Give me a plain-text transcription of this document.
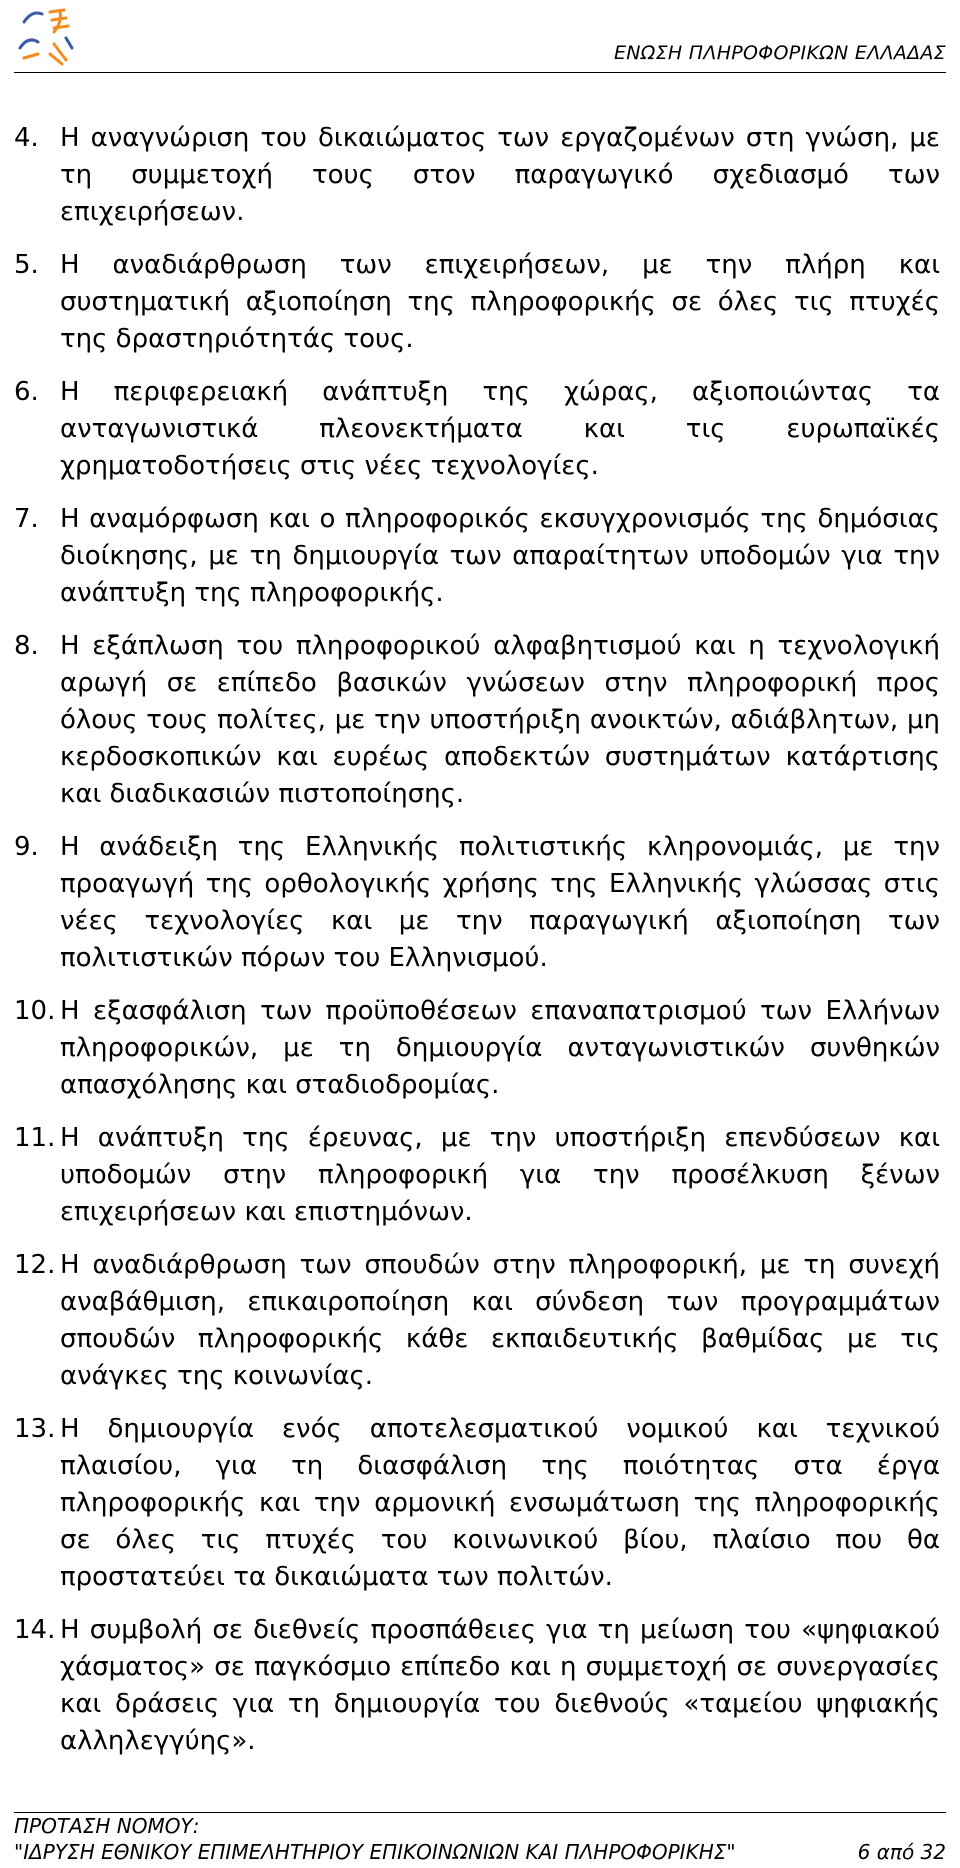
ΕΝΩΣΗ ΠΛΗΡΟΦΟΡΙΚΩΝ ΕΛΛΑΔΑΣ
4. Η αναγνώριση του δικαιώματος των εργαζομένων στη γνώση, με τη συμμετοχή τους στον παραγωγικό σχεδιασμό των επιχειρήσεων.
5. Η αναδιάρθρωση των επιχειρήσεων, με την πλήρη και συστηματική αξιοποίηση της πληροφορικής σε όλες τις πτυχές της δραστηριότητάς τους.
6. Η περιφερειακή ανάπτυξη της χώρας, αξιοποιώντας τα ανταγωνιστικά πλεονεκτήματα και τις ευρωπαϊκές χρηματοδοτήσεις στις νέες τεχνολογίες.
7. Η αναμόρφωση και ο πληροφορικός εκσυγχρονισμός της δημόσιας διοίκησης, με τη δημιουργία των απαραίτητων υποδομών για την ανάπτυξη της πληροφορικής.
8. Η εξάπλωση του πληροφορικού αλφαβητισμού και η τεχνολογική αρωγή σε επίπεδο βασικών γνώσεων στην πληροφορική προς όλους τους πολίτες, με την υποστήριξη ανοικτών, αδιάβλητων, μη κερδοσκοπικών και ευρέως αποδεκτών συστημάτων κατάρτισης και διαδικασιών πιστοποίησης.
9. Η ανάδειξη της Ελληνικής πολιτιστικής κληρονομιάς, με την προαγωγή της ορθολογικής χρήσης της Ελληνικής γλώσσας στις νέες τεχνολογίες και με την παραγωγική αξιοποίηση των πολιτιστικών πόρων του Ελληνισμού.
10. Η εξασφάλιση των προϋποθέσεων επαναπατρισμού των Ελλήνων πληροφορικών, με τη δημιουργία ανταγωνιστικών συνθηκών απασχόλησης και σταδιοδρομίας.
11. Η ανάπτυξη της έρευνας, με την υποστήριξη επενδύσεων και υποδομών στην πληροφορική για την προσέλκυση ξένων επιχειρήσεων και επιστημόνων.
12. Η αναδιάρθρωση των σπουδών στην πληροφορική, με τη συνεχή αναβάθμιση, επικαιροποίηση και σύνδεση των προγραμμάτων σπουδών πληροφορικής κάθε εκπαιδευτικής βαθμίδας με τις ανάγκες της κοινωνίας.
13. Η δημιουργία ενός αποτελεσματικού νομικού και τεχνικού πλαισίου, για τη διασφάλιση της ποιότητας στα έργα πληροφορικής και την αρμονική ενσωμάτωση της πληροφορικής σε όλες τις πτυχές του κοινωνικού βίου, πλαίσιο που θα προστατεύει τα δικαιώματα των πολιτών.
14. Η συμβολή σε διεθνείς προσπάθειες για τη μείωση του «ψηφιακού χάσματος» σε παγκόσμιο επίπεδο και η συμμετοχή σε συνεργασίες και δράσεις για τη δημιουργία του διεθνούς «ταμείου ψηφιακής αλληλεγγύης».
ΠΡΟΤΑΣΗ ΝΟΜΟΥ:
"ΙΔΡΥΣΗ ΕΘΝΙΚΟΥ ΕΠΙΜΕΛΗΤΗΡΙΟΥ ΕΠΙΚΟΙΝΩΝΙΩΝ ΚΑΙ ΠΛΗΡΟΦΟΡΙΚΗΣ"	6 από 32
